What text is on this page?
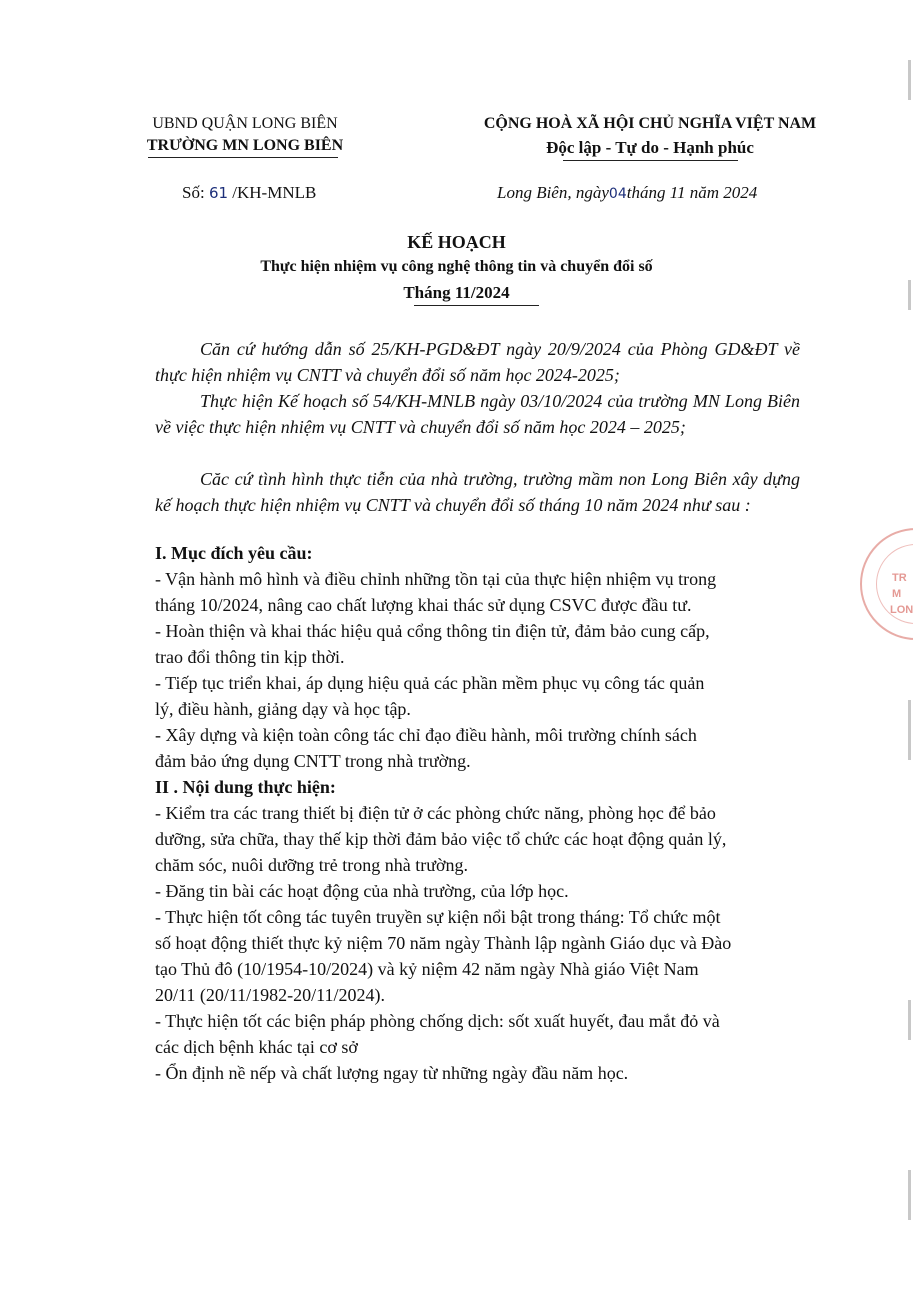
UBND QUẬN LONG BIÊN
TRƯỜNG MN LONG BIÊN
CỘNG HOÀ XÃ HỘI CHỦ NGHĨA VIỆT NAM
Độc lập - Tự do - Hạnh phúc
Số: 61 /KH-MNLB	Long Biên, ngày04tháng 11 năm 2024
KẾ HOẠCH
Thực hiện nhiệm vụ công nghệ thông tin và chuyển đổi số
Tháng 11/2024
Căn cứ hướng dẫn số 25/KH-PGD&ĐT ngày 20/9/2024 của Phòng GD&ĐT về thực hiện nhiệm vụ CNTT và chuyển đổi số năm học 2024-2025;
Thực hiện Kế hoạch số 54/KH-MNLB ngày 03/10/2024 của trường MN Long Biên về việc thực hiện nhiệm vụ CNTT và chuyển đổi số năm học 2024 – 2025;
Căc cứ tình hình thực tiễn của nhà trường, trường mầm non Long Biên xây dựng kế hoạch thực hiện nhiệm vụ CNTT và chuyển đổi số tháng 10 năm 2024 như sau :
I. Mục đích yêu cầu:
- Vận hành mô hình và điều chỉnh những tồn tại của thực hiện nhiệm vụ trong
tháng 10/2024, nâng cao chất lượng khai thác sử dụng CSVC được đầu tư.
- Hoàn thiện và khai thác hiệu quả cổng thông tin điện tử, đảm bảo cung cấp,
trao đổi thông tin kịp thời.
- Tiếp tục triển khai, áp dụng hiệu quả các phần mềm phục vụ công tác quản
lý, điều hành, giảng dạy và học tập.
- Xây dựng và kiện toàn công tác chỉ đạo điều hành, môi trường chính sách
đảm bảo ứng dụng CNTT trong nhà trường.
II . Nội dung thực hiện:
- Kiểm tra các trang thiết bị điện tử ở các phòng chức năng, phòng học để bảo
dưỡng, sửa chữa, thay thế kịp thời đảm bảo việc tổ chức các hoạt động quản lý,
chăm sóc, nuôi dưỡng trẻ trong nhà trường.
- Đăng tin bài các hoạt động của nhà trường, của lớp học.
- Thực hiện tốt công tác tuyên truyền sự kiện nổi bật trong tháng: Tổ chức một
số hoạt động thiết thực kỷ niệm 70 năm ngày Thành lập ngành Giáo dục và Đào
tạo Thủ đô (10/1954-10/2024) và kỷ niệm 42 năm ngày Nhà giáo Việt Nam
20/11 (20/11/1982-20/11/2024).
- Thực hiện tốt các biện pháp phòng chống dịch: sốt xuất huyết, đau mắt đỏ và
các dịch bệnh khác tại cơ sở
- Ổn định nề nếp và chất lượng ngay từ những ngày đầu năm học.
TR
M
LON
